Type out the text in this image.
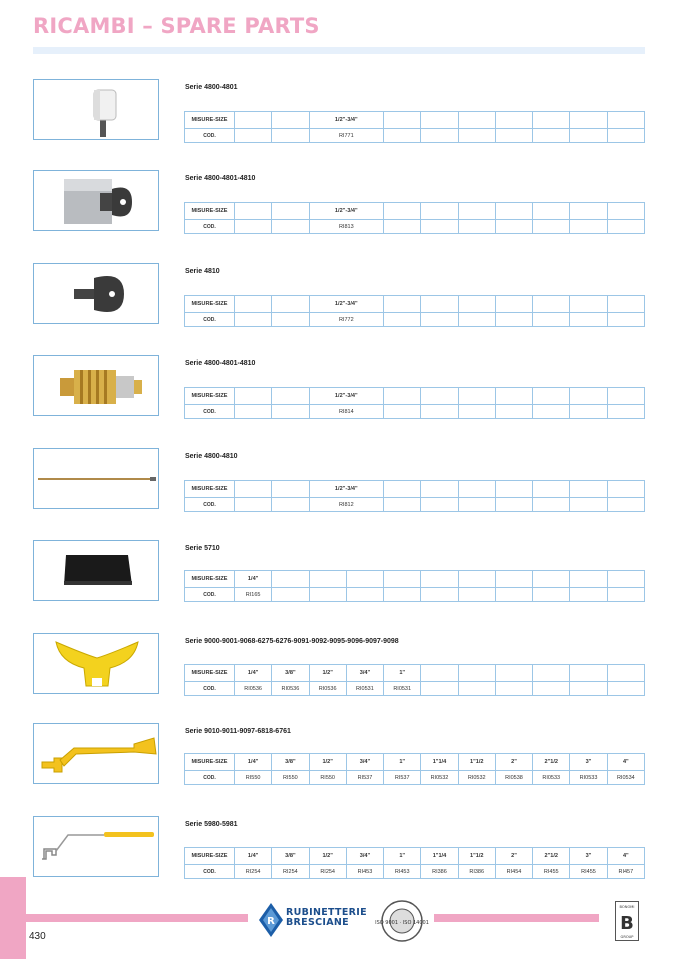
RICAMBI – SPARE PARTS
Serie 4800-4801
MISURE-SIZE			1/2"-3/4"							
COD.			RI771							
Serie 4800-4801-4810
MISURE-SIZE			1/2"-3/4"							
COD.			RI813							
Serie 4810
MISURE-SIZE			1/2"-3/4"							
COD.			RI772							
Serie 4800-4801-4810
MISURE-SIZE			1/2"-3/4"							
COD.			RI814							
Serie 4800-4810
MISURE-SIZE			1/2"-3/4"							
COD.			RI812							
Serie 5710
MISURE-SIZE	1/4"										
COD.	RI165										
Serie 9000-9001-9068-6275-6276-9091-9092-9095-9096-9097-9098
MISURE-SIZE	1/4"	3/8"	1/2"	3/4"	1"						
COD.	RI0536	RI0536	RI0536	RI0531	RI0531						
Serie 9010-9011-9097-6818-6761
MISURE-SIZE	1/4"	3/8"	1/2"	3/4"	1"	1"1/4	1"1/2	2"	2"1/2	3"	4"
COD.	RI550	RI550	RI550	RI537	RI537	RI0532	RI0532	RI0538	RI0533	RI0533	RI0534
Serie 5980-5981
MISURE-SIZE	1/4"	3/8"	1/2"	3/4"	1"	1"1/4	1"1/2	2"	2"1/2	3"	4"
COD.	RI254	RI254	RI254	RI453	RI453	RI386	RI386	RI454	RI455	RI455	RI457
430
R
RUBINETTERIE
BRESCIANE	ISO 9001 · ISO 14001
BONOMI
B
GROUP
